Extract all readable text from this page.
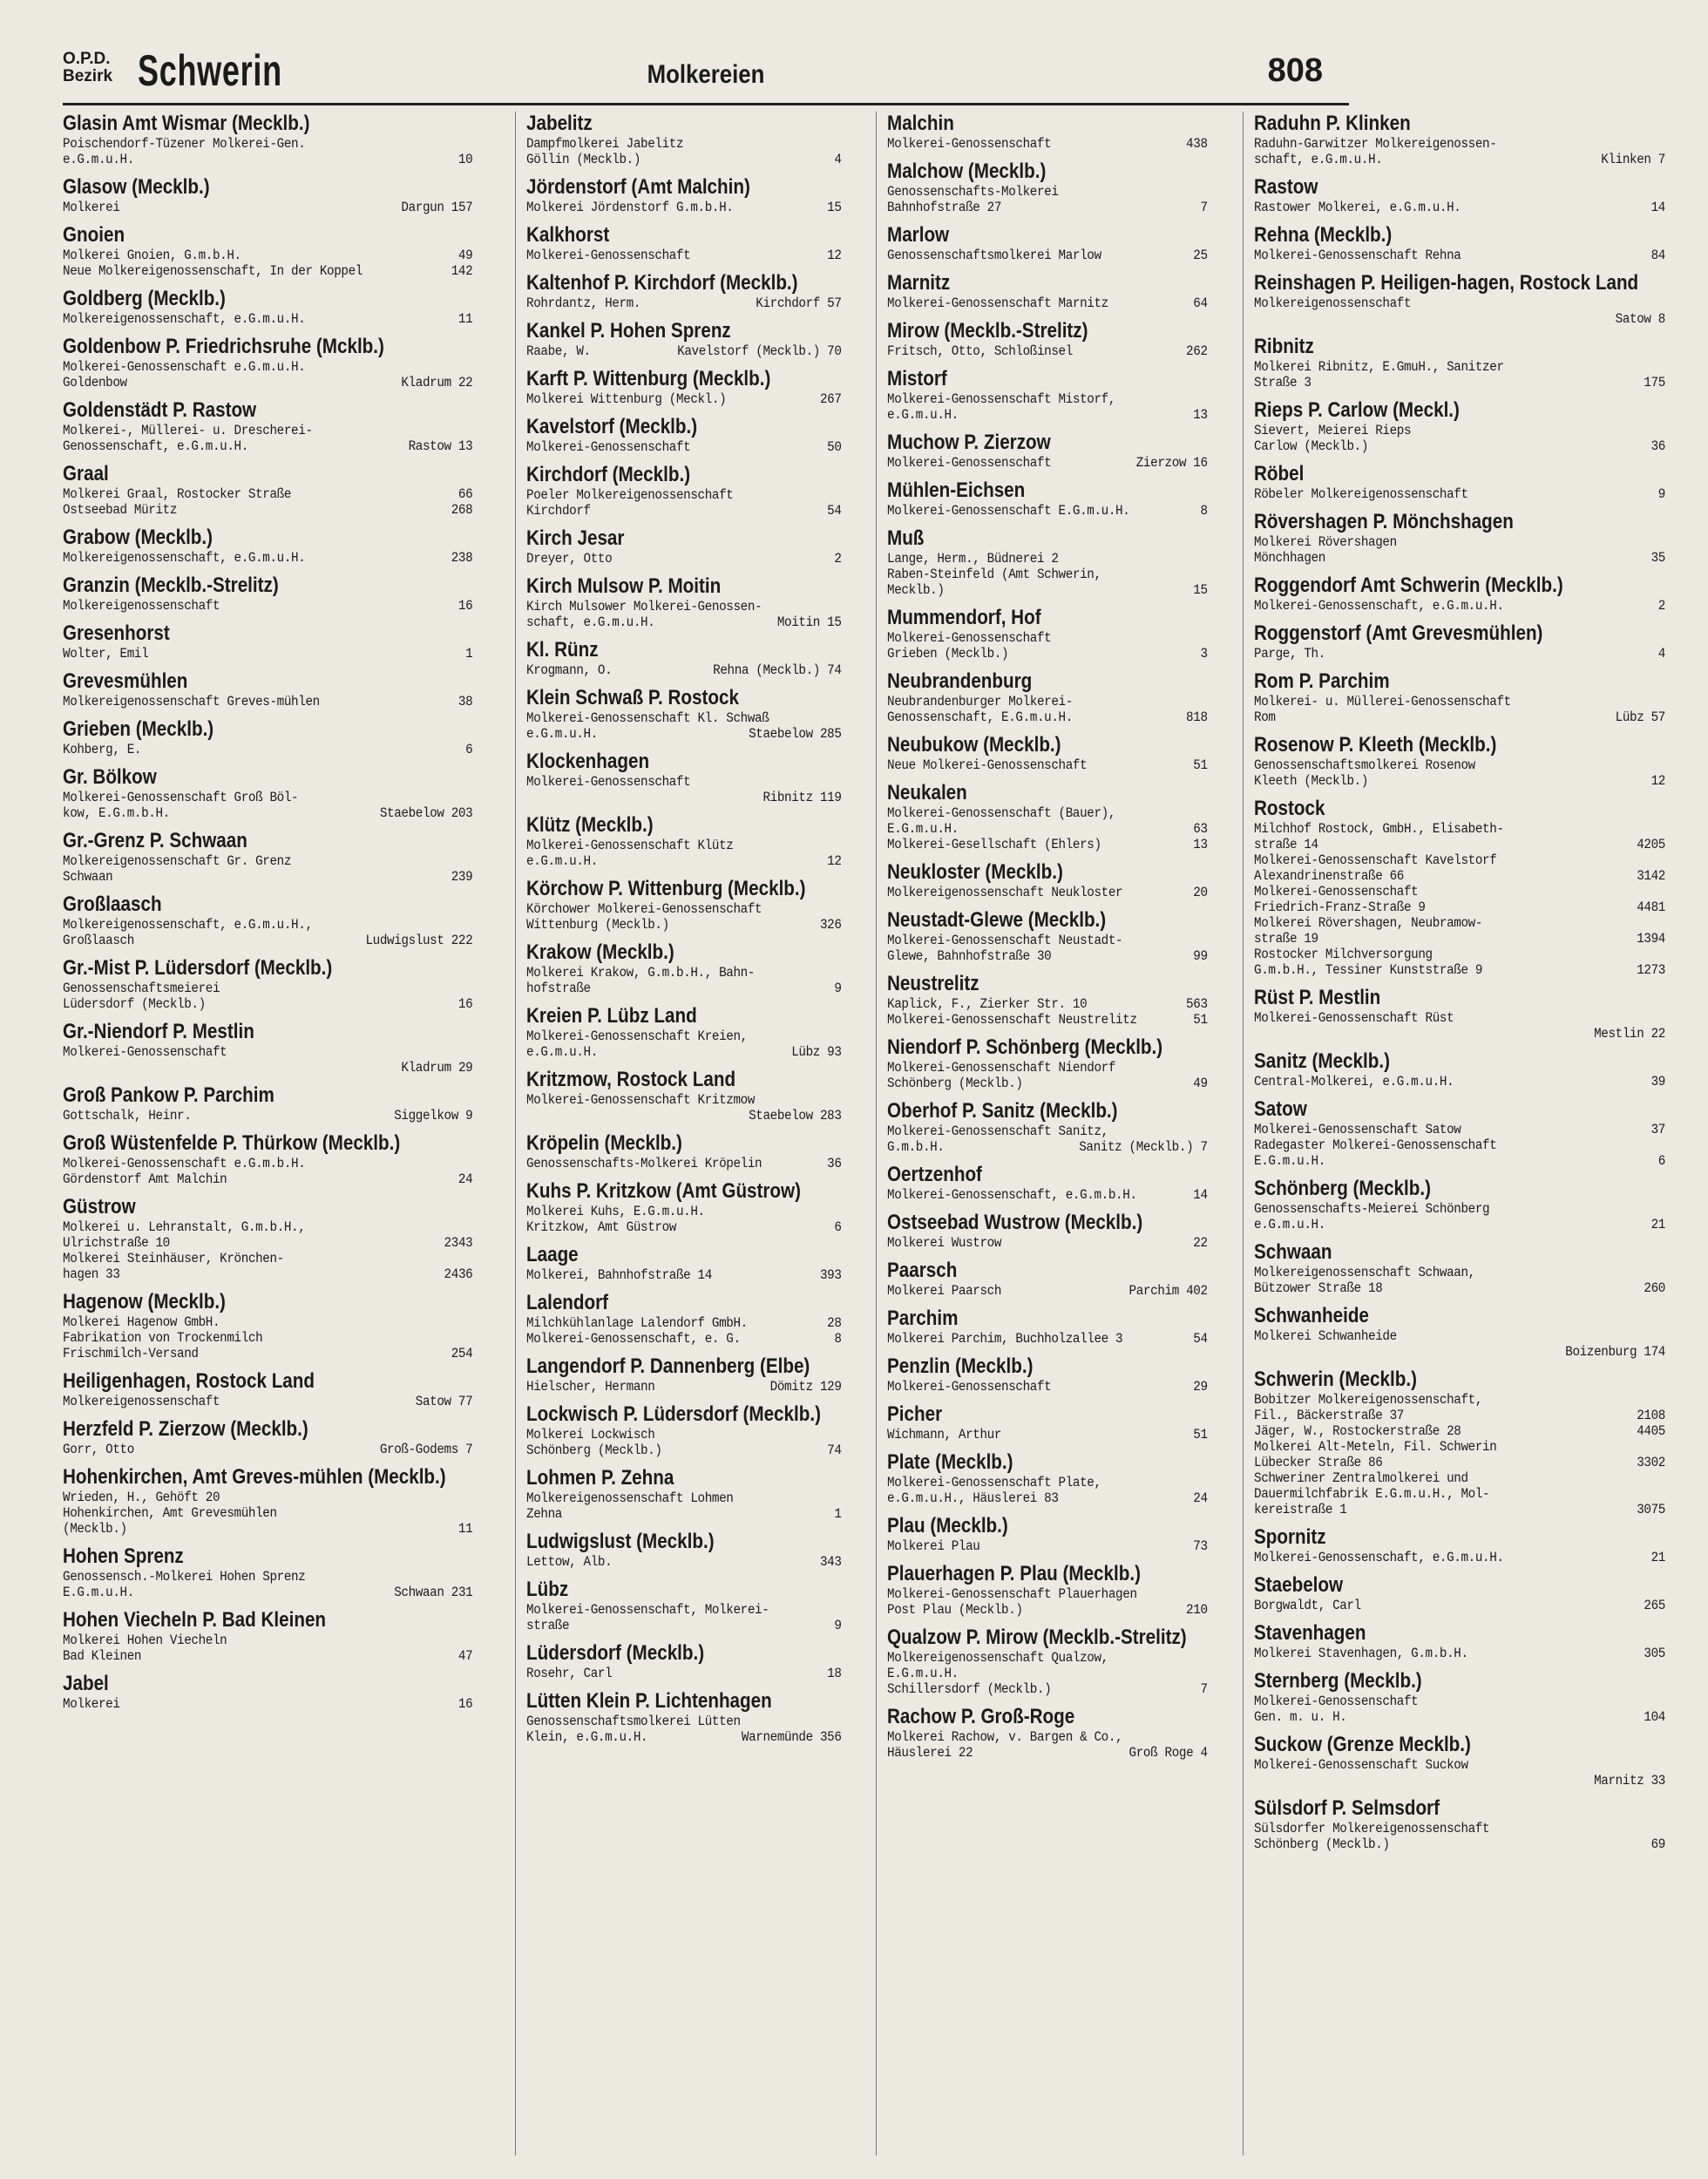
O.P.D.
Bezirk Schwerin	Molkereien	808
Glasin Amt Wismar (Mecklb.)
Poischendorf-Tüzener Molkerei-Gen.
e.G.m.u.H.	10
Glasow (Mecklb.)
Molkerei	Dargun 157
Gnoien
Molkerei Gnoien, G.m.b.H.	49
Neue Molkereigenossenschaft, In der Koppel	142
Goldberg (Mecklb.)
Molkereigenossenschaft, e.G.m.u.H.	11
Goldenbow P. Friedrichsruhe (Mcklb.)
Molkerei-Genossenschaft e.G.m.u.H.
Goldenbow	Kladrum 22
Goldenstädt P. Rastow
Molkerei-, Müllerei- u. Drescherei-
Genossenschaft, e.G.m.u.H.	Rastow 13
Graal
Molkerei Graal, Rostocker Straße	66
Ostseebad Müritz	268
Grabow (Mecklb.)
Molkereigenossenschaft, e.G.m.u.H.	238
Granzin (Mecklb.-Strelitz)
Molkereigenossenschaft	16
Gresenhorst
Wolter, Emil	1
Grevesmühlen
Molkereigenossenschaft Greves-mühlen	38
Grieben (Mecklb.)
Kohberg, E.	6
Gr. Bölkow
Molkerei-Genossenschaft Groß Böl-
kow, E.G.m.b.H.	Staebelow 203
Gr.-Grenz P. Schwaan
Molkereigenossenschaft Gr. Grenz
Schwaan	239
Großlaasch
Molkereigenossenschaft, e.G.m.u.H.,
Großlaasch	Ludwigslust 222
Gr.-Mist P. Lüdersdorf (Mecklb.)
Genossenschaftsmeierei
Lüdersdorf (Mecklb.)	16
Gr.-Niendorf P. Mestlin
Molkerei-Genossenschaft
Kladrum 29
Groß Pankow P. Parchim
Gottschalk, Heinr.	Siggelkow 9
Groß Wüstenfelde P. Thürkow (Mecklb.)
Molkerei-Genossenschaft e.G.m.b.H.
Gördenstorf Amt Malchin	24
Güstrow
Molkerei u. Lehranstalt, G.m.b.H.,
Ulrichstraße 10	2343
Molkerei Steinhäuser, Krönchen-
hagen 33	2436
Hagenow (Mecklb.)
Molkerei Hagenow GmbH.
Fabrikation von Trockenmilch
Frischmilch-Versand	254
Heiligenhagen, Rostock Land
Molkereigenossenschaft	Satow 77
Herzfeld P. Zierzow (Mecklb.)
Gorr, Otto	Groß-Godems 7
Hohenkirchen, Amt Greves-mühlen (Mecklb.)
Wrieden, H., Gehöft 20
Hohenkirchen, Amt Grevesmühlen
(Mecklb.)	11
Hohen Sprenz
Genossensch.-Molkerei Hohen Sprenz
E.G.m.u.H.	Schwaan 231
Hohen Viecheln P. Bad Kleinen
Molkerei Hohen Viecheln
Bad Kleinen	47
Jabel
Molkerei	16
Jabelitz
Dampfmolkerei Jabelitz
Göllin (Mecklb.)	4
Jördenstorf (Amt Malchin)
Molkerei Jördenstorf G.m.b.H.	15
Kalkhorst
Molkerei-Genossenschaft	12
Kaltenhof P. Kirchdorf (Mecklb.)
Rohrdantz, Herm.	Kirchdorf 57
Kankel P. Hohen Sprenz
Raabe, W.	Kavelstorf (Mecklb.) 70
Karft P. Wittenburg (Mecklb.)
Molkerei Wittenburg (Meckl.)	267
Kavelstorf (Mecklb.)
Molkerei-Genossenschaft	50
Kirchdorf (Mecklb.)
Poeler Molkereigenossenschaft
Kirchdorf	54
Kirch Jesar
Dreyer, Otto	2
Kirch Mulsow P. Moitin
Kirch Mulsower Molkerei-Genossen-
schaft, e.G.m.u.H.	Moitin 15
Kl. Rünz
Krogmann, O.	Rehna (Mecklb.) 74
Klein Schwaß P. Rostock
Molkerei-Genossenschaft Kl. Schwaß
e.G.m.u.H.	Staebelow 285
Klockenhagen
Molkerei-Genossenschaft
Ribnitz 119
Klütz (Mecklb.)
Molkerei-Genossenschaft Klütz
e.G.m.u.H.	12
Körchow P. Wittenburg (Mecklb.)
Körchower Molkerei-Genossenschaft
Wittenburg (Mecklb.)	326
Krakow (Mecklb.)
Molkerei Krakow, G.m.b.H., Bahn-
hofstraße	9
Kreien P. Lübz Land
Molkerei-Genossenschaft Kreien,
e.G.m.u.H.	Lübz 93
Kritzmow, Rostock Land
Molkerei-Genossenschaft Kritzmow
Staebelow 283
Kröpelin (Mecklb.)
Genossenschafts-Molkerei Kröpelin	36
Kuhs P. Kritzkow (Amt Güstrow)
Molkerei Kuhs, E.G.m.u.H.
Kritzkow, Amt Güstrow	6
Laage
Molkerei, Bahnhofstraße 14	393
Lalendorf
Milchkühlanlage Lalendorf GmbH.	28
Molkerei-Genossenschaft, e. G.	8
Langendorf P. Dannenberg (Elbe)
Hielscher, Hermann	Dömitz 129
Lockwisch P. Lüdersdorf (Mecklb.)
Molkerei Lockwisch
Schönberg (Mecklb.)	74
Lohmen P. Zehna
Molkereigenossenschaft Lohmen
Zehna	1
Ludwigslust (Mecklb.)
Lettow, Alb.	343
Lübz
Molkerei-Genossenschaft, Molkerei-
straße	9
Lüdersdorf (Mecklb.)
Rosehr, Carl	18
Lütten Klein P. Lichtenhagen
Genossenschaftsmolkerei Lütten
Klein, e.G.m.u.H.	Warnemünde 356
Malchin
Molkerei-Genossenschaft	438
Malchow (Mecklb.)
Genossenschafts-Molkerei
Bahnhofstraße 27	7
Marlow
Genossenschaftsmolkerei Marlow	25
Marnitz
Molkerei-Genossenschaft Marnitz	64
Mirow (Mecklb.-Strelitz)
Fritsch, Otto, Schloßinsel	262
Mistorf
Molkerei-Genossenschaft Mistorf,
e.G.m.u.H.	13
Muchow P. Zierzow
Molkerei-Genossenschaft	Zierzow 16
Mühlen-Eichsen
Molkerei-Genossenschaft E.G.m.u.H.	8
Muß
Lange, Herm., Büdnerei 2
Raben-Steinfeld (Amt Schwerin,
Mecklb.)	15
Mummendorf, Hof
Molkerei-Genossenschaft
Grieben (Mecklb.)	3
Neubrandenburg
Neubrandenburger Molkerei-
Genossenschaft, E.G.m.u.H.	818
Neubukow (Mecklb.)
Neue Molkerei-Genossenschaft	51
Neukalen
Molkerei-Genossenschaft (Bauer),
E.G.m.u.H.	63
Molkerei-Gesellschaft (Ehlers)	13
Neukloster (Mecklb.)
Molkereigenossenschaft Neukloster	20
Neustadt-Glewe (Mecklb.)
Molkerei-Genossenschaft Neustadt-
Glewe, Bahnhofstraße 30	99
Neustrelitz
Kaplick, F., Zierker Str. 10	563
Molkerei-Genossenschaft Neustrelitz	51
Niendorf P. Schönberg (Mecklb.)
Molkerei-Genossenschaft Niendorf
Schönberg (Mecklb.)	49
Oberhof P. Sanitz (Mecklb.)
Molkerei-Genossenschaft Sanitz,
G.m.b.H.	Sanitz (Mecklb.) 7
Oertzenhof
Molkerei-Genossenschaft, e.G.m.b.H.	14
Ostseebad Wustrow (Mecklb.)
Molkerei Wustrow	22
Paarsch
Molkerei Paarsch	Parchim 402
Parchim
Molkerei Parchim, Buchholzallee 3	54
Penzlin (Mecklb.)
Molkerei-Genossenschaft	29
Picher
Wichmann, Arthur	51
Plate (Mecklb.)
Molkerei-Genossenschaft Plate,
e.G.m.u.H., Häuslerei 83	24
Plau (Mecklb.)
Molkerei Plau	73
Plauerhagen P. Plau (Mecklb.)
Molkerei-Genossenschaft Plauerhagen
Post Plau (Mecklb.)	210
Qualzow P. Mirow (Mecklb.-Strelitz)
Molkereigenossenschaft Qualzow,
E.G.m.u.H.
Schillersdorf (Mecklb.)	7
Rachow P. Groß-Roge
Molkerei Rachow, v. Bargen & Co.,
Häuslerei 22	Groß Roge 4
Raduhn P. Klinken
Raduhn-Garwitzer Molkereigenossen-
schaft, e.G.m.u.H.	Klinken 7
Rastow
Rastower Molkerei, e.G.m.u.H.	14
Rehna (Mecklb.)
Molkerei-Genossenschaft Rehna	84
Reinshagen P. Heiligen-hagen, Rostock Land
Molkereigenossenschaft
Satow 8
Ribnitz
Molkerei Ribnitz, E.GmuH., Sanitzer
Straße 3	175
Rieps P. Carlow (Meckl.)
Sievert, Meierei Rieps
Carlow (Mecklb.)	36
Röbel
Röbeler Molkereigenossenschaft	9
Rövershagen P. Mönchshagen
Molkerei Rövershagen
Mönchhagen	35
Roggendorf Amt Schwerin (Mecklb.)
Molkerei-Genossenschaft, e.G.m.u.H.	2
Roggenstorf (Amt Grevesmühlen)
Parge, Th.	4
Rom P. Parchim
Molkerei- u. Müllerei-Genossenschaft
Rom	Lübz 57
Rosenow P. Kleeth (Mecklb.)
Genossenschaftsmolkerei Rosenow
Kleeth (Mecklb.)	12
Rostock
Milchhof Rostock, GmbH., Elisabeth-
straße 14	4205
Molkerei-Genossenschaft Kavelstorf
Alexandrinenstraße 66	3142
Molkerei-Genossenschaft
Friedrich-Franz-Straße 9	4481
Molkerei Rövershagen, Neubramow-
straße 19	1394
Rostocker Milchversorgung
G.m.b.H., Tessiner Kunststraße 9	1273
Rüst P. Mestlin
Molkerei-Genossenschaft Rüst
Mestlin 22
Sanitz (Mecklb.)
Central-Molkerei, e.G.m.u.H.	39
Satow
Molkerei-Genossenschaft Satow	37
Radegaster Molkerei-Genossenschaft
E.G.m.u.H.	6
Schönberg (Mecklb.)
Genossenschafts-Meierei Schönberg
e.G.m.u.H.	21
Schwaan
Molkereigenossenschaft Schwaan,
Bützower Straße 18	260
Schwanheide
Molkerei Schwanheide
Boizenburg 174
Schwerin (Mecklb.)
Bobitzer Molkereigenossenschaft,
Fil., Bäckerstraße 37	2108
Jäger, W., Rostockerstraße 28	4405
Molkerei Alt-Meteln, Fil. Schwerin
Lübecker Straße 86	3302
Schweriner Zentralmolkerei und
Dauermilchfabrik E.G.m.u.H., Mol-
kereistraße 1	3075
Spornitz
Molkerei-Genossenschaft, e.G.m.u.H.	21
Staebelow
Borgwaldt, Carl	265
Stavenhagen
Molkerei Stavenhagen, G.m.b.H.	305
Sternberg (Mecklb.)
Molkerei-Genossenschaft
Gen. m. u. H.	104
Suckow (Grenze Mecklb.)
Molkerei-Genossenschaft Suckow
Marnitz 33
Sülsdorf P. Selmsdorf
Sülsdorfer Molkereigenossenschaft
Schönberg (Mecklb.)	69
